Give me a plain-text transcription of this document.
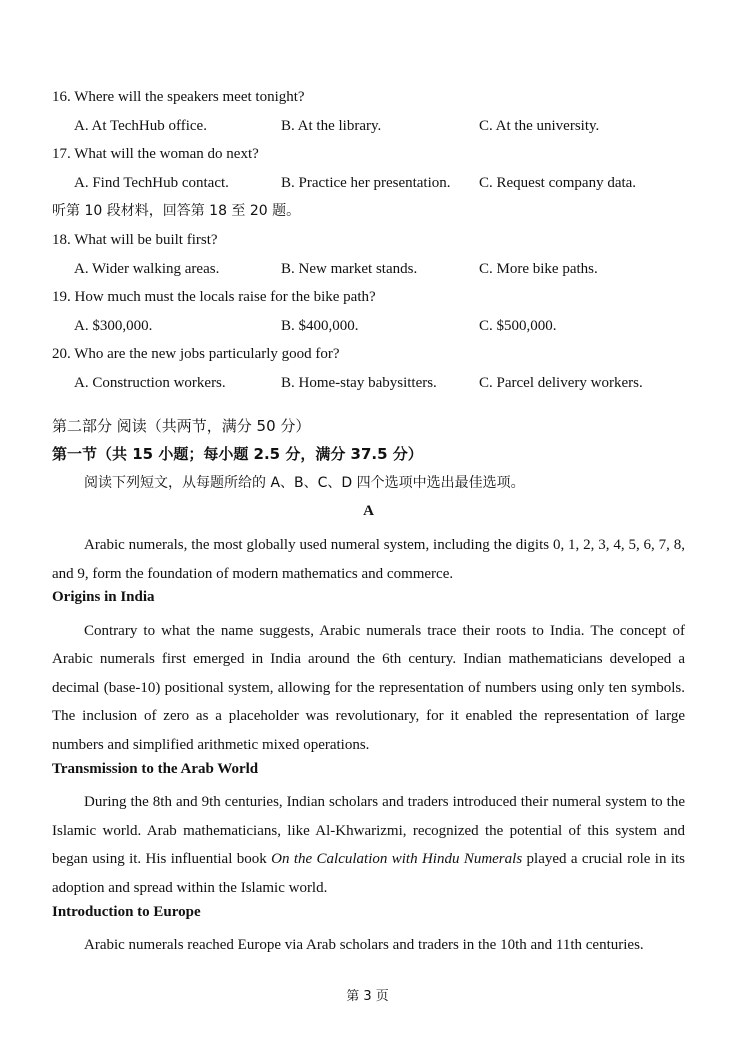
16. Where will the speakers meet tonight?
A. At TechHub office.	B. At the library.	C. At the university.
17. What will the woman do next?
A. Find TechHub contact.	B. Practice her presentation.	C. Request company data.
听第 10 段材料，回答第 18 至 20 题。
18. What will be built first?
A. Wider walking areas.	B. New market stands.	C. More bike paths.
19. How much must the locals raise for the bike path?
A. $300,000.	B. $400,000.	C. $500,000.
20. Who are the new jobs particularly good for?
A. Construction workers.	B. Home-stay babysitters.	C. Parcel delivery workers.
第二部分 阅读（共两节，满分 50 分）
第一节（共 15 小题；每小题 2.5 分，满分 37.5 分）
阅读下列短文，从每题所给的 A、B、C、D 四个选项中选出最佳选项。
A
Arabic numerals, the most globally used numeral system, including the digits 0, 1, 2, 3, 4, 5, 6, 7, 8, and 9, form the foundation of modern mathematics and commerce.
Origins in India
Contrary to what the name suggests, Arabic numerals trace their roots to India. The concept of Arabic numerals first emerged in India around the 6th century. Indian mathematicians developed a decimal (base-10) positional system, allowing for the representation of numbers using only ten symbols. The inclusion of zero as a placeholder was revolutionary, for it enabled the representation of large numbers and simplified arithmetic mixed operations.
Transmission to the Arab World
During the 8th and 9th centuries, Indian scholars and traders introduced their numeral system to the Islamic world. Arab mathematicians, like Al-Khwarizmi, recognized the potential of this system and began using it. His influential book On the Calculation with Hindu Numerals played a crucial role in its adoption and spread within the Islamic world.
Introduction to Europe
Arabic numerals reached Europe via Arab scholars and traders in the 10th and 11th centuries.
第 3 页
